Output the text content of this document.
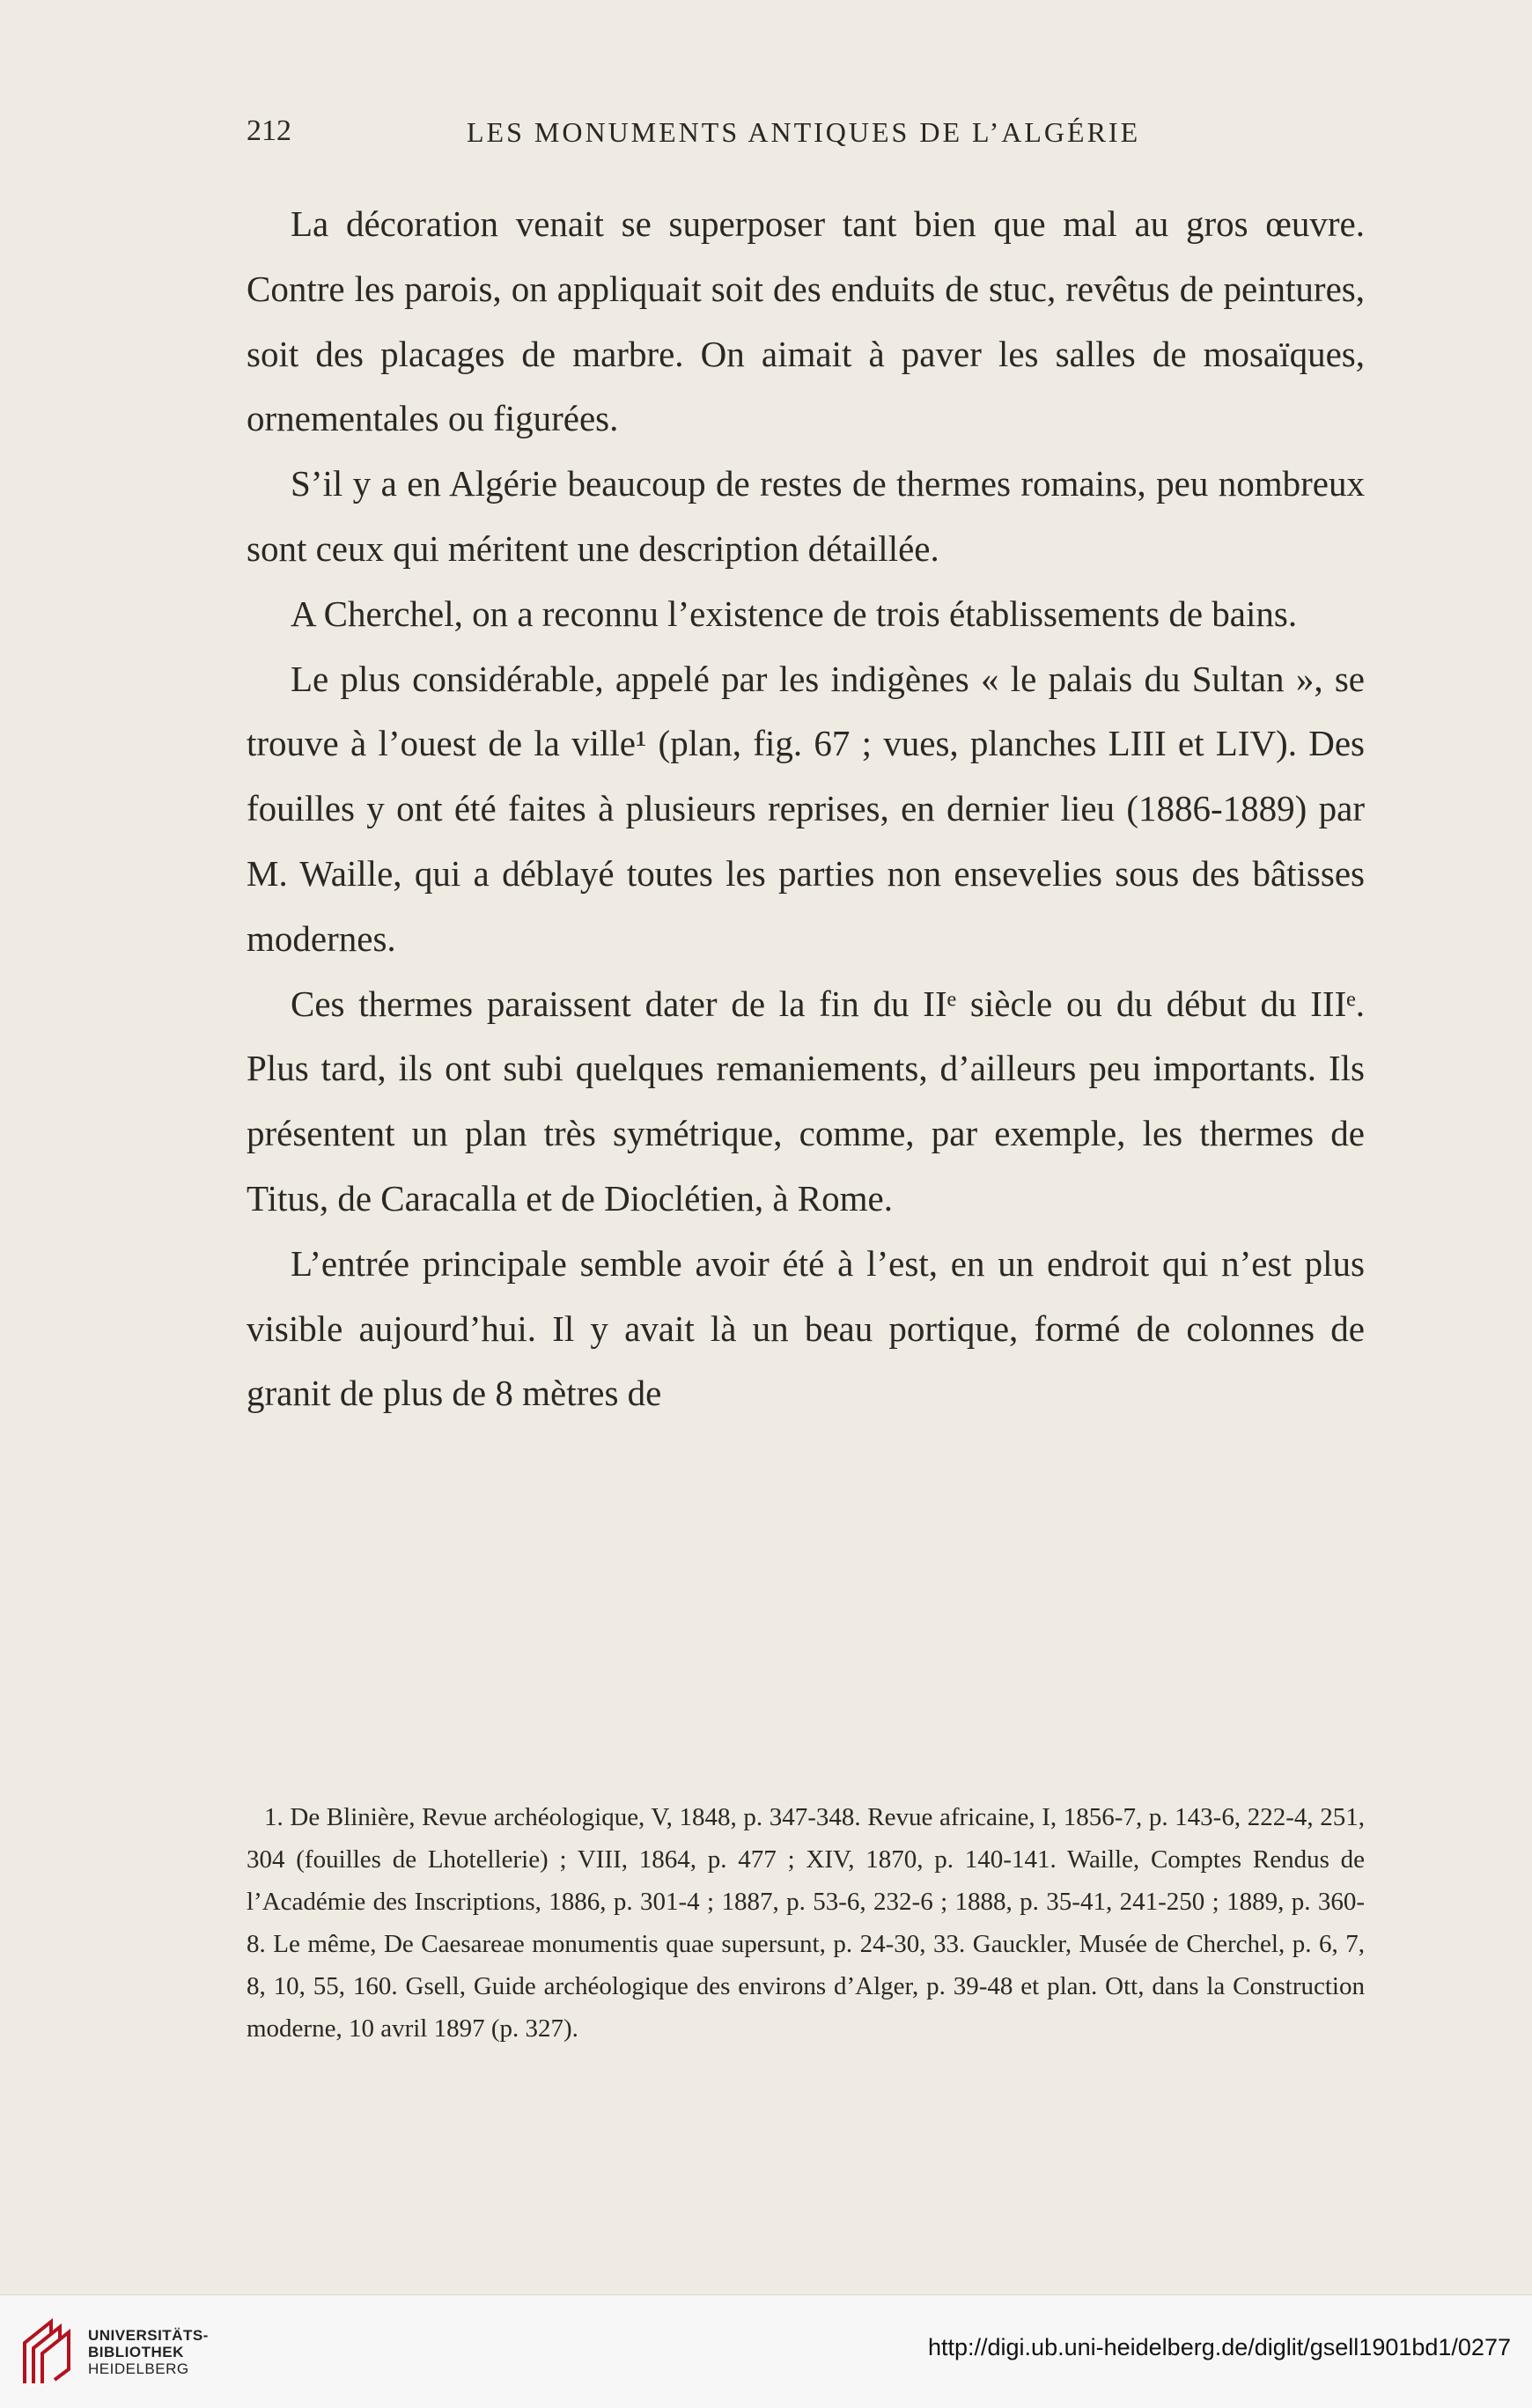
212	LES MONUMENTS ANTIQUES DE L’ALGÉRIE

La décoration venait se superposer tant bien que mal au gros œuvre. Contre les parois, on appliquait soit des enduits de stuc, revêtus de peintures, soit des placages de marbre. On aimait à paver les salles de mosaïques, ornementales ou figurées.

S’il y a en Algérie beaucoup de restes de thermes romains, peu nombreux sont ceux qui méritent une description détaillée.

A Cherchel, on a reconnu l’existence de trois établissements de bains.

Le plus considérable, appelé par les indigènes « le palais du Sultan », se trouve à l’ouest de la ville¹ (plan, fig. 67 ; vues, planches LIII et LIV). Des fouilles y ont été faites à plusieurs reprises, en dernier lieu (1886-1889) par M. Waille, qui a déblayé toutes les parties non ensevelies sous des bâtisses modernes.

Ces thermes paraissent dater de la fin du IIᵉ siècle ou du début du IIIᵉ. Plus tard, ils ont subi quelques remaniements, d’ailleurs peu importants. Ils présentent un plan très symétrique, comme, par exemple, les thermes de Titus, de Caracalla et de Dioclétien, à Rome.

L’entrée principale semble avoir été à l’est, en un endroit qui n’est plus visible aujourd’hui. Il y avait là un beau portique, formé de colonnes de granit de plus de 8 mètres de

1. De Blinière, Revue archéologique, V, 1848, p. 347-348. Revue africaine, I, 1856-7, p. 143-6, 222-4, 251, 304 (fouilles de Lhotellerie) ; VIII, 1864, p. 477 ; XIV, 1870, p. 140-141. Waille, Comptes Rendus de l’Académie des Inscriptions, 1886, p. 301-4 ; 1887, p. 53-6, 232-6 ; 1888, p. 35-41, 241-250 ; 1889, p. 360-8. Le même, De Caesareae monumentis quae supersunt, p. 24-30, 33. Gauckler, Musée de Cherchel, p. 6, 7, 8, 10, 55, 160. Gsell, Guide archéologique des environs d’Alger, p. 39-48 et plan. Ott, dans la Construction moderne, 10 avril 1897 (p. 327).

UNIVERSITÄTS-
BIBLIOTHEK
HEIDELBERG
http://digi.ub.uni-heidelberg.de/diglit/gsell1901bd1/0277
